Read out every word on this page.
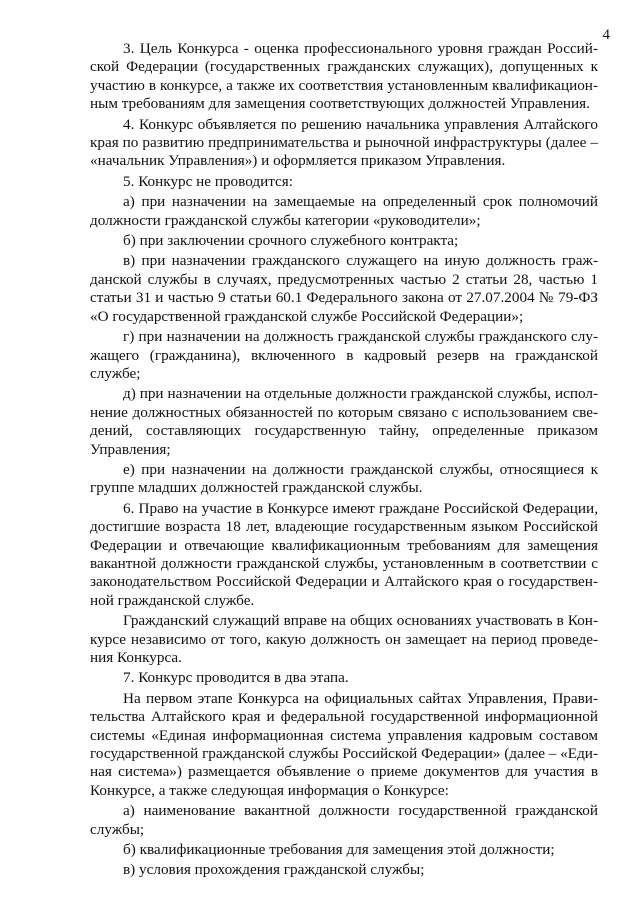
4

3. Цель Конкурса - оценка профессионального уровня граждан Российской Федерации (государственных гражданских служащих), допущенных к участию в конкурсе, а также их соответствия установленным квалификационным требованиям для замещения соответствующих должностей Управления.

4. Конкурс объявляется по решению начальника управления Алтайского края по развитию предпринимательства и рыночной инфраструктуры (далее – «начальник Управления») и оформляется приказом Управления.

5. Конкурс не проводится:

а) при назначении на замещаемые на определенный срок полномочий должности гражданской службы категории «руководители»;

б) при заключении срочного служебного контракта;

в) при назначении гражданского служащего на иную должность гражданской службы в случаях, предусмотренных частью 2 статьи 28, частью 1 статьи 31 и частью 9 статьи 60.1 Федерального закона от 27.07.2004 № 79-ФЗ «О государственной гражданской службе Российской Федерации»;

г) при назначении на должность гражданской службы гражданского служащего (гражданина), включенного в кадровый резерв на гражданской службе;

д) при назначении на отдельные должности гражданской службы, исполнение должностных обязанностей по которым связано с использованием сведений, составляющих государственную тайну, определенные приказом Управления;

е) при назначении на должности гражданской службы, относящиеся к группе младших должностей гражданской службы.

6. Право на участие в Конкурсе имеют граждане Российской Федерации, достигшие возраста 18 лет, владеющие государственным языком Российской Федерации и отвечающие квалификационным требованиям для замещения вакантной должности гражданской службы, установленным в соответствии с законодательством Российской Федерации и Алтайского края о государственной гражданской службе.

Гражданский служащий вправе на общих основаниях участвовать в Конкурсе независимо от того, какую должность он замещает на период проведения Конкурса.

7. Конкурс проводится в два этапа.

На первом этапе Конкурса на официальных сайтах Управления, Правительства Алтайского края и федеральной государственной информационной системы «Единая информационная система управления кадровым составом государственной гражданской службы Российской Федерации» (далее – «Единая система») размещается объявление о приеме документов для участия в Конкурсе, а также следующая информация о Конкурсе:

а) наименование вакантной должности государственной гражданской службы;

б) квалификационные требования для замещения этой должности;

в) условия прохождения гражданской службы;
